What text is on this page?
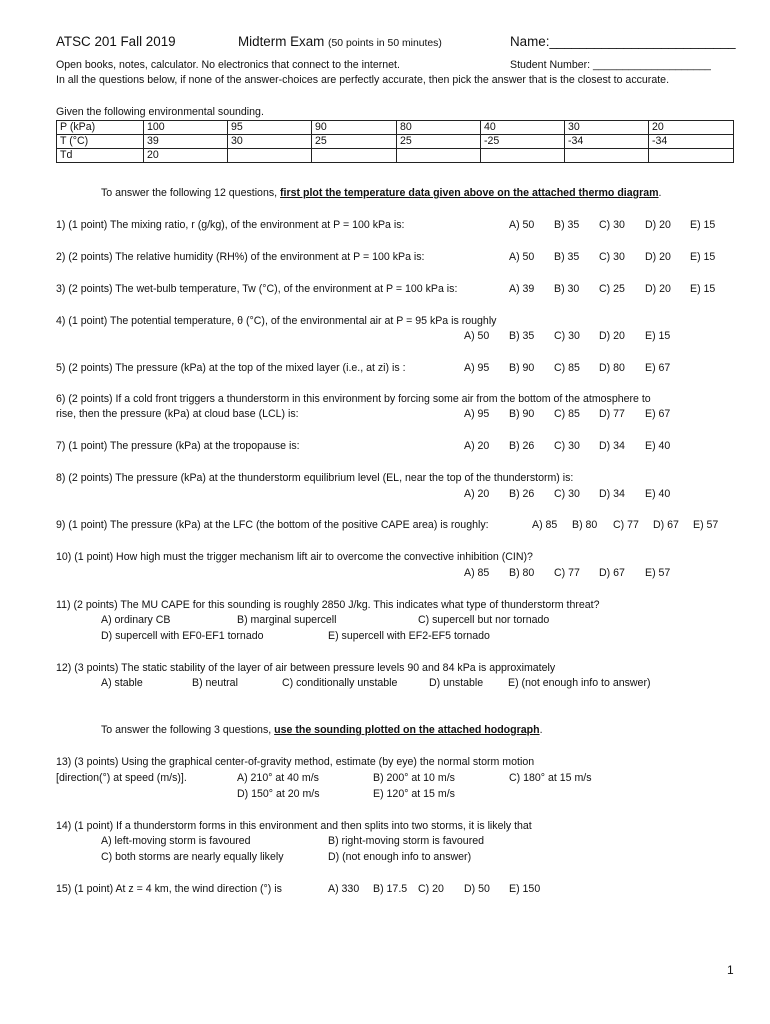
ATSC 201 Fall 2019	Midterm Exam (50 points in 50 minutes)	Name:_________________________
Open books, notes, calculator. No electronics that connect to the internet.	Student Number: ____________________
In all the questions below, if none of the answer-choices are perfectly accurate, then pick the answer that is the closest to accurate.
Given the following environmental sounding.
P (kPa)	100	95	90	80	40	30	20
T (°C)	39	30	25	25	-25	-34	-34
Td	20						
To answer the following 12 questions, first plot the temperature data given above on the attached thermo diagram.
1) (1 point) The mixing ratio, r (g/kg), of the environment at P = 100 kPa is:	A) 50 B) 35 C) 30 D) 20 E) 15
2) (2 points) The relative humidity (RH%) of the environment at P = 100 kPa is:	A) 50 B) 35 C) 30 D) 20 E) 15
3) (2 points) The wet-bulb temperature, Tw (°C), of the environment at P = 100 kPa is:	A) 39 B) 30 C) 25 D) 20 E) 15
4) (1 point) The potential temperature, θ (°C), of the environmental air at P = 95 kPa is roughly
A) 50 B) 35 C) 30 D) 20 E) 15
5) (2 points) The pressure (kPa) at the top of the mixed layer (i.e., at zi) is :	A) 95 B) 90 C) 85 D) 80 E) 67
6) (2 points) If a cold front triggers a thunderstorm in this environment by forcing some air from the bottom of the atmosphere to
rise, then the pressure (kPa) at cloud base (LCL) is:	A) 95 B) 90 C) 85 D) 77 E) 67
7) (1 point) The pressure (kPa) at the tropopause is:	A) 20 B) 26 C) 30 D) 34 E) 40
8) (2 points) The pressure (kPa) at the thunderstorm equilibrium level (EL, near the top of the thunderstorm) is:
A) 20 B) 26 C) 30 D) 34 E) 40
9) (1 point) The pressure (kPa) at the LFC (the bottom of the positive CAPE area) is roughly:	A) 85 B) 80 C) 77 D) 67 E) 57
10) (1 point) How high must the trigger mechanism lift air to overcome the convective inhibition (CIN)?
A) 85 B) 80 C) 77 D) 67 E) 57
11) (2 points) The MU CAPE for this sounding is roughly 2850 J/kg. This indicates what type of thunderstorm threat?
A) ordinary CB	B) marginal supercell	C) supercell but nor tornado
D) supercell with EF0-EF1 tornado	E) supercell with EF2-EF5 tornado
12) (3 points) The static stability of the layer of air between pressure levels 90 and 84 kPa is approximately
A) stable	B) neutral	C) conditionally unstable	D) unstable E) (not enough info to answer)
To answer the following 3 questions, use the sounding plotted on the attached hodograph.
13) (3 points) Using the graphical center-of-gravity method, estimate (by eye) the normal storm motion
[direction(°) at speed (m/s)].	A) 210° at 40 m/s	B) 200° at 10 m/s	C) 180° at 15 m/s
D) 150° at 20 m/s	E) 120° at 15 m/s
14) (1 point) If a thunderstorm forms in this environment and then splits into two storms, it is likely that
A) left-moving storm is favoured	B) right-moving storm is favoured
C) both storms are nearly equally likely	D) (not enough info to answer)
15) (1 point) At z = 4 km, the wind direction (°) is	A) 330 B) 17.5 C) 20 D) 50 E) 150
1
